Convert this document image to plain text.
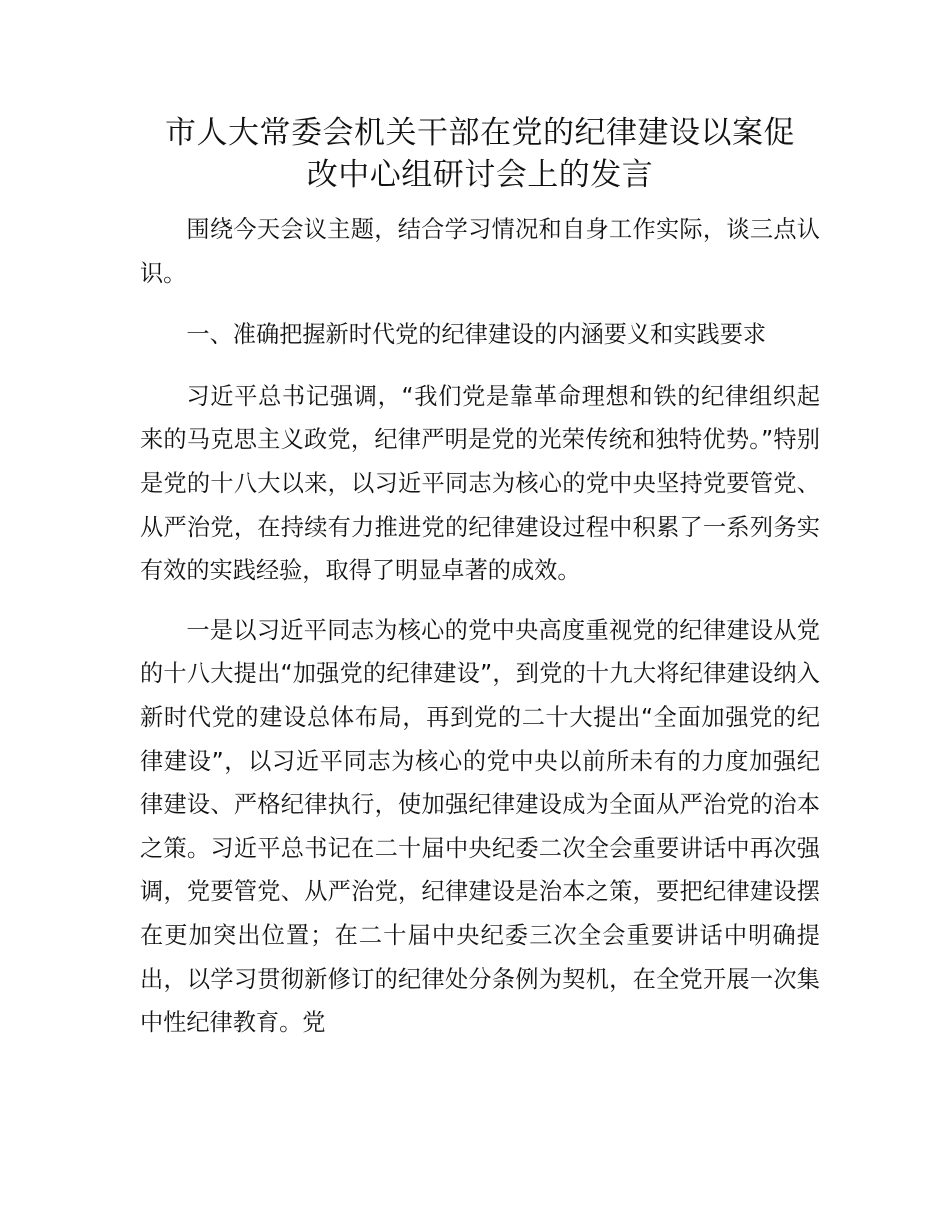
市人大常委会机关干部在党的纪律建设以案促
改中心组研讨会上的发言

围绕今天会议主题，结合学习情况和自身工作实际，谈三点认识。

一、准确把握新时代党的纪律建设的内涵要义和实践要求

习近平总书记强调，“我们党是靠革命理想和铁的纪律组织起来的马克思主义政党，纪律严明是党的光荣传统和独特优势。”特别是党的十八大以来，以习近平同志为核心的党中央坚持党要管党、从严治党，在持续有力推进党的纪律建设过程中积累了一系列务实有效的实践经验，取得了明显卓著的成效。

一是以习近平同志为核心的党中央高度重视党的纪律建设从党的十八大提出“加强党的纪律建设”，到党的十九大将纪律建设纳入新时代党的建设总体布局，再到党的二十大提出“全面加强党的纪律建设”，以习近平同志为核心的党中央以前所未有的力度加强纪律建设、严格纪律执行，使加强纪律建设成为全面从严治党的治本之策。习近平总书记在二十届中央纪委二次全会重要讲话中再次强调，党要管党、从严治党，纪律建设是治本之策，要把纪律建设摆在更加突出位置；在二十届中央纪委三次全会重要讲话中明确提出，以学习贯彻新修订的纪律处分条例为契机，在全党开展一次集中性纪律教育。党
